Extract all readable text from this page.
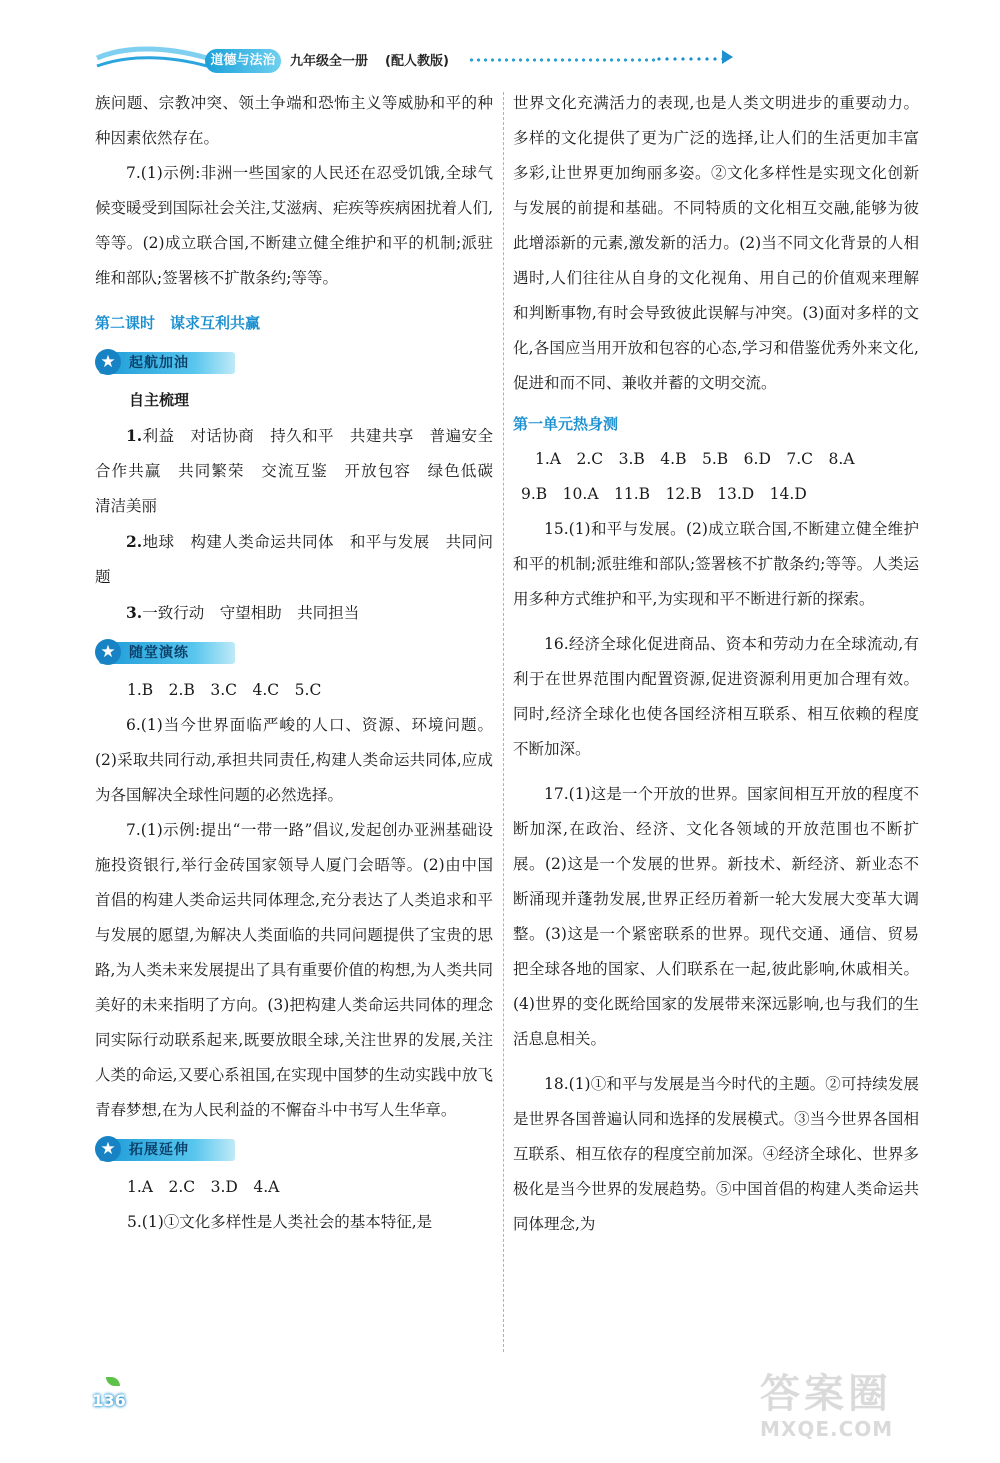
道德与法治	九年级全一册 (配人教版)

族问题、宗教冲突、领土争端和恐怖主义等威胁和平的种种因素依然存在。

7.(1)示例:非洲一些国家的人民还在忍受饥饿,全球气候变暖受到国际社会关注,艾滋病、疟疾等疾病困扰着人们,等等。(2)成立联合国,不断建立健全维护和平的机制;派驻维和部队;签署核不扩散条约;等等。

第二课时　谋求互利共赢

★ 起航加油

自主梳理

1.利益　对话协商　持久和平　共建共享　普遍安全　合作共赢　共同繁荣　交流互鉴　开放包容　绿色低碳　清洁美丽

2.地球　构建人类命运共同体　和平与发展　共同问题

3.一致行动　守望相助　共同担当

★ 随堂演练

1.B　2.B　3.C　4.C　5.C

6.(1)当今世界面临严峻的人口、资源、环境问题。(2)采取共同行动,承担共同责任,构建人类命运共同体,应成为各国解决全球性问题的必然选择。

7.(1)示例:提出“一带一路”倡议,发起创办亚洲基础设施投资银行,举行金砖国家领导人厦门会晤等。(2)由中国首倡的构建人类命运共同体理念,充分表达了人类追求和平与发展的愿望,为解决人类面临的共同问题提供了宝贵的思路,为人类未来发展提出了具有重要价值的构想,为人类共同美好的未来指明了方向。(3)把构建人类命运共同体的理念同实际行动联系起来,既要放眼全球,关注世界的发展,关注人类的命运,又要心系祖国,在实现中国梦的生动实践中放飞青春梦想,在为人民利益的不懈奋斗中书写人生华章。

★ 拓展延伸

1.A　2.C　3.D　4.A

5.(1)①文化多样性是人类社会的基本特征,是

世界文化充满活力的表现,也是人类文明进步的重要动力。多样的文化提供了更为广泛的选择,让人们的生活更加丰富多彩,让世界更加绚丽多姿。②文化多样性是实现文化创新与发展的前提和基础。不同特质的文化相互交融,能够为彼此增添新的元素,激发新的活力。(2)当不同文化背景的人相遇时,人们往往从自身的文化视角、用自己的价值观来理解和判断事物,有时会导致彼此误解与冲突。(3)面对多样的文化,各国应当用开放和包容的心态,学习和借鉴优秀外来文化,促进和而不同、兼收并蓄的文明交流。

第一单元热身测

1.A　2.C　3.B　4.B　5.B　6.D　7.C　8.A

9.B　10.A　11.B　12.B　13.D　14.D

15.(1)和平与发展。(2)成立联合国,不断建立健全维护和平的机制;派驻维和部队;签署核不扩散条约;等等。人类运用多种方式维护和平,为实现和平不断进行新的探索。

16.经济全球化促进商品、资本和劳动力在全球流动,有利于在世界范围内配置资源,促进资源利用更加合理有效。同时,经济全球化也使各国经济相互联系、相互依赖的程度不断加深。

17.(1)这是一个开放的世界。国家间相互开放的程度不断加深,在政治、经济、文化各领域的开放范围也不断扩展。(2)这是一个发展的世界。新技术、新经济、新业态不断涌现并蓬勃发展,世界正经历着新一轮大发展大变革大调整。(3)这是一个紧密联系的世界。现代交通、通信、贸易把全球各地的国家、人们联系在一起,彼此影响,休戚相关。(4)世界的变化既给国家的发展带来深远影响,也与我们的生活息息相关。

18.(1)①和平与发展是当今时代的主题。②可持续发展是世界各国普遍认同和选择的发展模式。③当今世界各国相互联系、相互依存的程度空前加深。④经济全球化、世界多极化是当今世界的发展趋势。⑤中国首倡的构建人类命运共同体理念,为

136	答案圈
MXQE.COM
